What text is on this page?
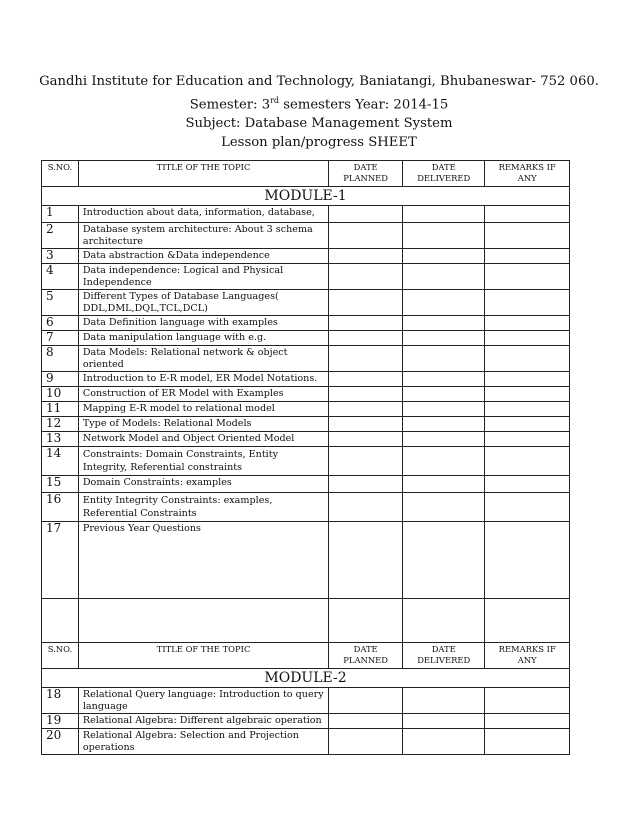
Gandhi Institute for Education and Technology, Baniatangi, Bhubaneswar- 752 060.
Semester: 3rd semesters Year: 2014-15
Subject: Database Management System
Lesson plan/progress SHEET
S.NO.	TITLE OF THE TOPIC	DATE PLANNED	DATE DELIVERED	REMARKS IF ANY
MODULE-1				
1	Introduction about data, information, database,			
2	Database system architecture: About 3 schema architecture			
3	Data abstraction &Data independence			
4	Data independence: Logical and Physical Independence			
5	Different Types of Database Languages( DDL,DML,DQL,TCL,DCL)			
6	Data Definition language with examples			
7	Data manipulation language with e.g.			
8	Data Models: Relational network & object oriented			
9	Introduction to E-R model, ER Model Notations.			
10	Construction of ER Model with Examples			
11	Mapping E-R model to relational model			
12	Type of Models: Relational Models			
13	Network Model and Object Oriented Model			
14	Constraints: Domain Constraints, Entity Integrity, Referential constraints			
15	Domain Constraints: examples			
16	Entity Integrity Constraints: examples, Referential Constraints			
17	Previous Year Questions			

S.NO.	TITLE OF THE TOPIC	DATE PLANNED	DATE DELIVERED	REMARKS IF ANY
MODULE-2				
18	Relational Query language: Introduction to query language			
19	Relational Algebra: Different algebraic operation			
20	Relational Algebra: Selection and Projection operations			
